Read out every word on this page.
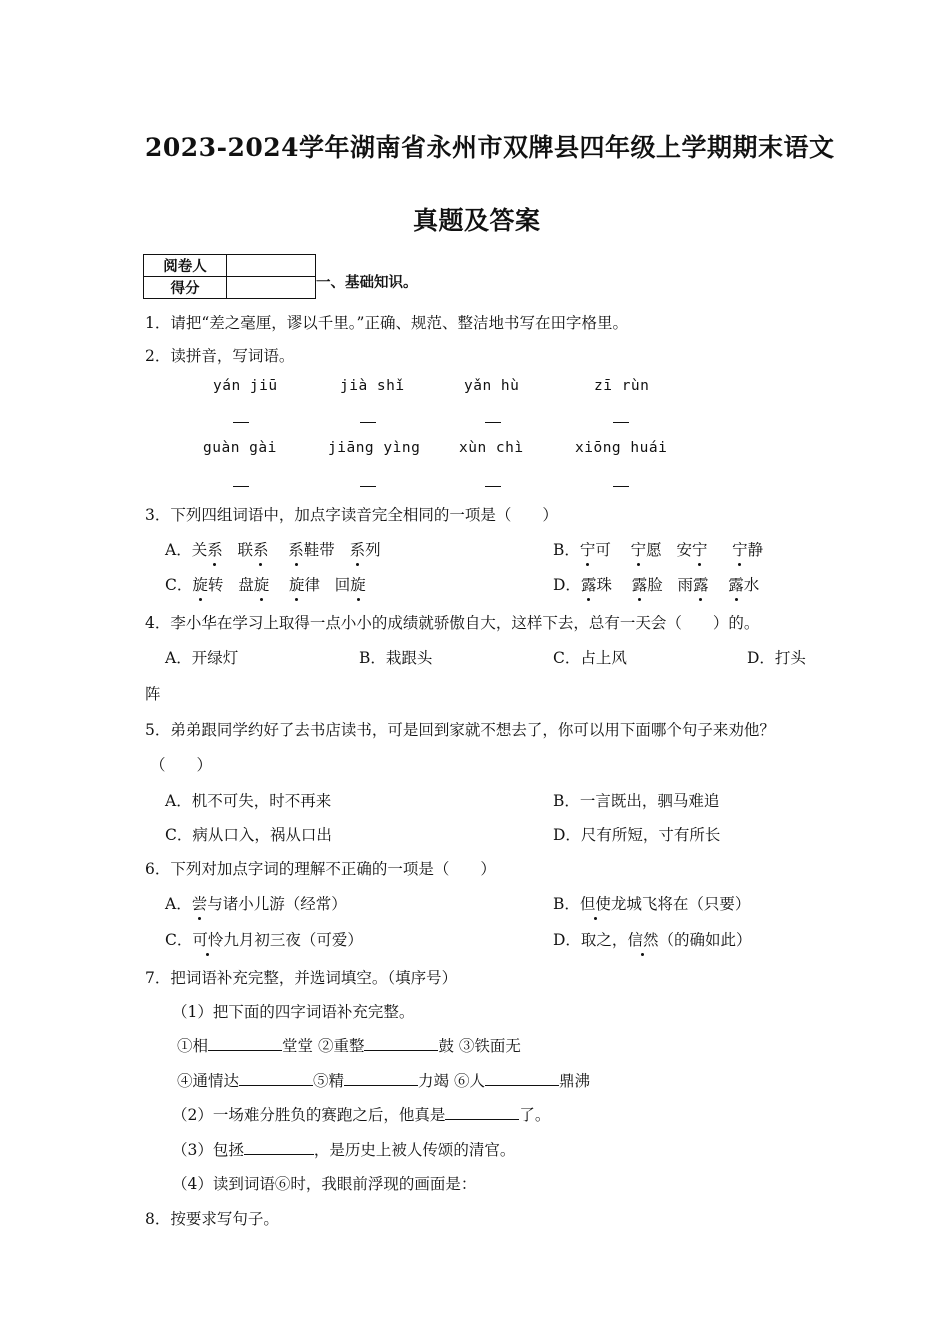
2023-2024学年湖南省永州市双牌县四年级上学期期末语文
真题及答案
阅卷人	
得分		一、基础知识。
1．请把“差之毫厘，谬以千里。”正确、规范、整洁地书写在田字格里。
2．读拼音，写词语。
yán jiū	jià shǐ	yǎn hù	zī rùn
guàn gài	jiāng yìng	xùn chì	xiōng huái
3．下列四组词语中，加点字读音完全相同的一项是（　　）
A．关系 联系 系鞋带 系列	B．宁可 宁愿 安宁 宁静
C．旋转 盘旋 旋律 回旋	D．露珠 露脸 雨露 露水
4．李小华在学习上取得一点小小的成绩就骄傲自大，这样下去，总有一天会（　　）的。
A．开绿灯	B．栽跟头	C．占上风	D．打头
阵
5．弟弟跟同学约好了去书店读书，可是回到家就不想去了，你可以用下面哪个句子来劝他？
（　　）
A．机不可失，时不再来	B．一言既出，驷马难追
C．病从口入，祸从口出	D．尺有所短，寸有所长
6．下列对加点字词的理解不正确的一项是（　　）
A．尝与诸小儿游（经常）	B．但使龙城飞将在（只要）
C．可怜九月初三夜（可爱）	D．取之，信然（的确如此）
7．把词语补充完整，并选词填空。（填序号）
（1）把下面的四字词语补充完整。
①相	堂堂 ②重整	鼓 ③铁面无
④通情达	⑤精	力竭 ⑥人	鼎沸
（2）一场难分胜负的赛跑之后，他真是	了。
（3）包拯	，是历史上被人传颂的清官。
（4）读到词语⑥时，我眼前浮现的画面是：
8．按要求写句子。
